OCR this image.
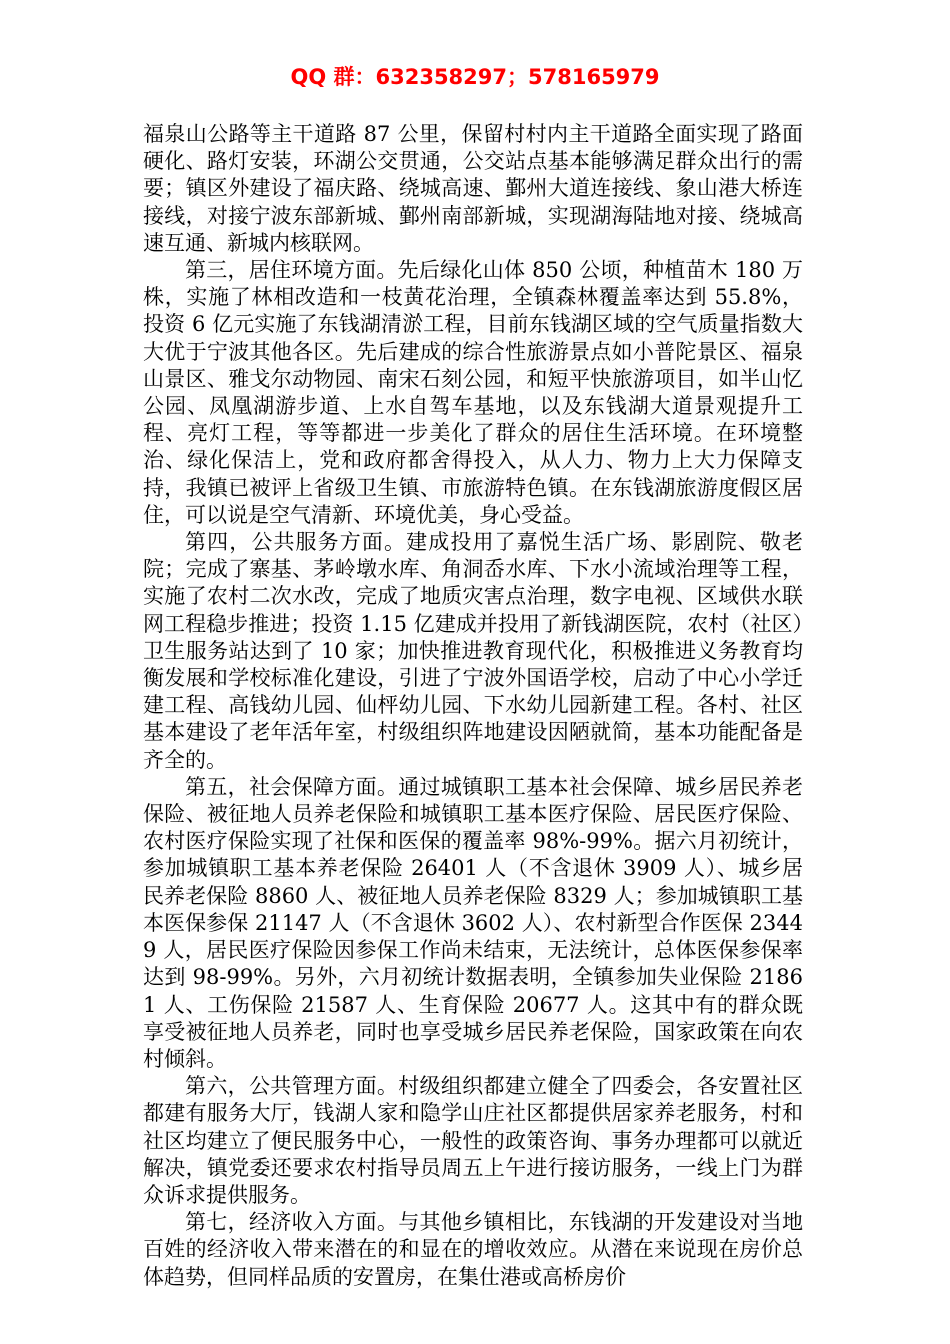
QQ 群：632358297；578165979

福泉山公路等主干道路 87 公里，保留村村内主干道路全面实现了路面硬化、路灯安装，环湖公交贯通，公交站点基本能够满足群众出行的需要；镇区外建设了福庆路、绕城高速、鄞州大道连接线、象山港大桥连接线，对接宁波东部新城、鄞州南部新城，实现湖海陆地对接、绕城高速互通、新城内核联网。

第三，居住环境方面。先后绿化山体 850 公顷，种植苗木 180 万株，实施了林相改造和一枝黄花治理，全镇森林覆盖率达到 55.8%，投资 6 亿元实施了东钱湖清淤工程，目前东钱湖区域的空气质量指数大大优于宁波其他各区。先后建成的综合性旅游景点如小普陀景区、福泉山景区、雅戈尔动物园、南宋石刻公园，和短平快旅游项目，如半山忆公园、凤凰湖游步道、上水自驾车基地，以及东钱湖大道景观提升工程、亮灯工程，等等都进一步美化了群众的居住生活环境。在环境整治、绿化保洁上，党和政府都舍得投入，从人力、物力上大力保障支持，我镇已被评上省级卫生镇、市旅游特色镇。在东钱湖旅游度假区居住，可以说是空气清新、环境优美，身心受益。

第四，公共服务方面。建成投用了嘉悦生活广场、影剧院、敬老院；完成了寨基、茅岭墩水库、角洞岙水库、下水小流域治理等工程，实施了农村二次水改，完成了地质灾害点治理，数字电视、区域供水联网工程稳步推进；投资 1.15 亿建成并投用了新钱湖医院，农村（社区）卫生服务站达到了 10 家；加快推进教育现代化，积极推进义务教育均衡发展和学校标准化建设，引进了宁波外国语学校，启动了中心小学迁建工程、高钱幼儿园、仙枰幼儿园、下水幼儿园新建工程。各村、社区基本建设了老年活年室，村级组织阵地建设因陋就简，基本功能配备是齐全的。

第五，社会保障方面。通过城镇职工基本社会保障、城乡居民养老保险、被征地人员养老保险和城镇职工基本医疗保险、居民医疗保险、农村医疗保险实现了社保和医保的覆盖率 98%-99%。据六月初统计，参加城镇职工基本养老保险 26401 人（不含退休 3909 人）、城乡居民养老保险 8860 人、被征地人员养老保险 8329 人；参加城镇职工基本医保参保 21147 人（不含退休 3602 人）、农村新型合作医保 23449 人，居民医疗保险因参保工作尚未结束，无法统计，总体医保参保率达到 98-99%。另外，六月初统计数据表明，全镇参加失业保险 21861 人、工伤保险 21587 人、生育保险 20677 人。这其中有的群众既享受被征地人员养老，同时也享受城乡居民养老保险，国家政策在向农村倾斜。

第六，公共管理方面。村级组织都建立健全了四委会，各安置社区都建有服务大厅，钱湖人家和隐学山庄社区都提供居家养老服务，村和社区均建立了便民服务中心，一般性的政策咨询、事务办理都可以就近解决，镇党委还要求农村指导员周五上午进行接访服务，一线上门为群众诉求提供服务。

第七，经济收入方面。与其他乡镇相比，东钱湖的开发建设对当地百姓的经济收入带来潜在的和显在的增收效应。从潜在来说现在房价总体趋势，但同样品质的安置房，在集仕港或高桥房价
